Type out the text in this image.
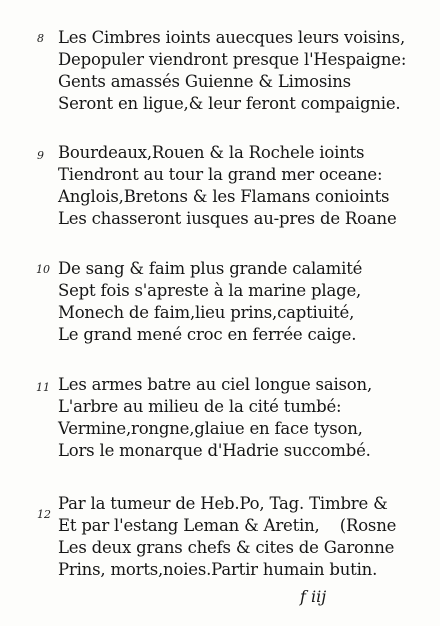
8 Les Cimbres ioints auecques leurs voisins,
Depopuler viendront presque l'Hespaigne:
Gents amassés Guienne & Limosins
Seront en ligue,& leur feront compaignie.
9 Bourdeaux,Rouen & la Rochele ioints
Tiendront au tour la grand mer oceane:
Anglois,Bretons & les Flamans conioints
Les chasseront iusques au-pres de Roane
10 De sang & faim plus grande calamité
Sept fois s'apreste à la marine plage,
Monech de faim,lieu prins,captiuité,
Le grand mené croc en ferrée caige.
11 Les armes batre au ciel longue saison,
L'arbre au milieu de la cité tumbé:
Vermine,rongne,glaiue en face tyson,
Lors le monarque d'Hadrie succombé.
12
Par la tumeur de Heb.Po, Tag. Timbre &
Et par l'estang Leman & Aretin,    (Rosne
Les deux grans chefs & cites de Garonne
Prins, morts,noies.Partir humain butin.
f iij
